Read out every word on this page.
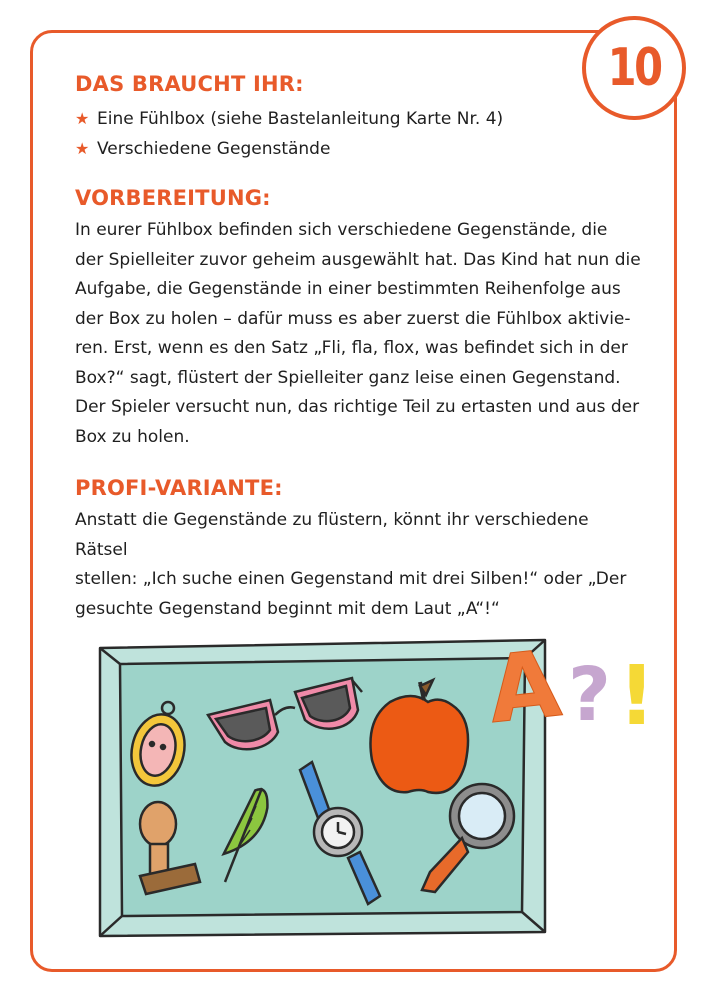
10
DAS BRAUCHT IHR:
★ Eine Fühlbox (siehe Bastelanleitung Karte Nr. 4)
★ Verschiedene Gegenstände
VORBEREITUNG:

In eurer Fühlbox befinden sich verschiedene Gegenstände, die
der Spielleiter zuvor geheim ausgewählt hat. Das Kind hat nun die
Aufgabe, die Gegenstände in einer bestimmten Reihenfolge aus
der Box zu holen – dafür muss es aber zuerst die Fühlbox aktivie-
ren. Erst, wenn es den Satz „Fli, fla, flox, was befindet sich in der
Box?“ sagt, flüstert der Spielleiter ganz leise einen Gegenstand.
Der Spieler versucht nun, das richtige Teil zu ertasten und aus der
Box zu holen.

PROFI-VARIANTE:

Anstatt die Gegenstände zu flüstern, könnt ihr verschiedene Rätsel
stellen: „Ich suche einen Gegenstand mit drei Silben!“ oder „Der
gesuchte Gegenstand beginnt mit dem Laut „A“!“

A ? !
